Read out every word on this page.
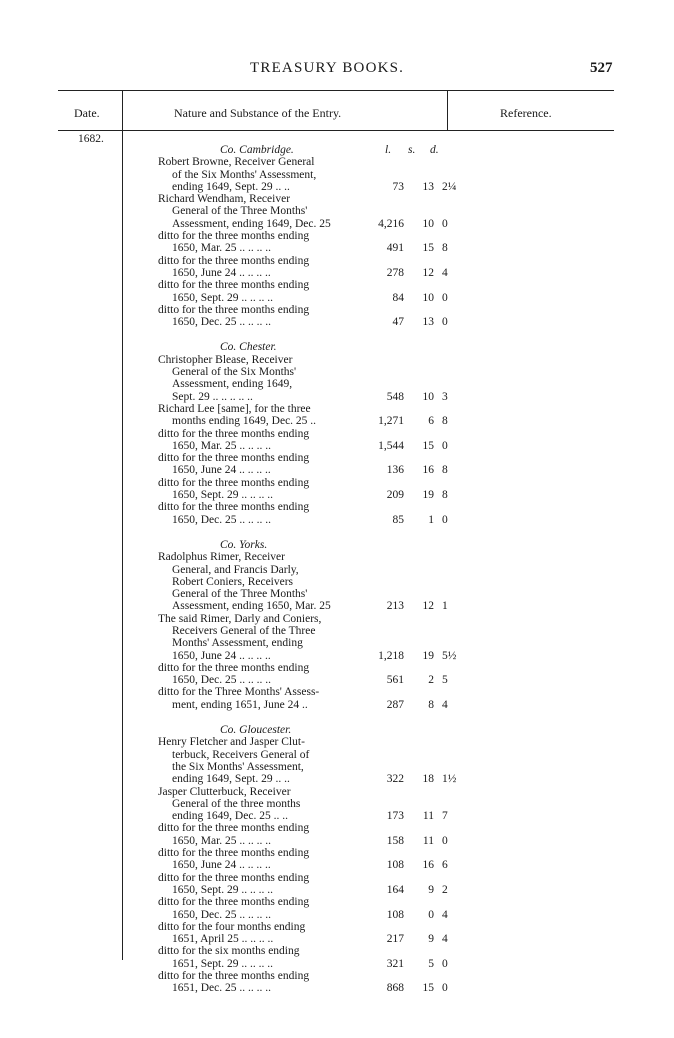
TREASURY BOOKS.	527
Date.	Nature and Substance of the Entry.	Reference.
1682.
Co. Cambridge.	l. s. d.
Robert Browne, Receiver General
of the Six Months' Assessment,
ending 1649, Sept. 29 .. ..	73 13 2¼
Richard Wendham, Receiver
General of the Three Months'
Assessment, ending 1649, Dec. 25	4,216 10 0
ditto for the three months ending
1650, Mar. 25 .. .. .. ..	491 15 8
ditto for the three months ending
1650, June 24 .. .. .. ..	278 12 4
ditto for the three months ending
1650, Sept. 29 .. .. .. ..	84 10 0
ditto for the three months ending
1650, Dec. 25 .. .. .. ..	47 13 0
Co. Chester.
Christopher Blease, Receiver
General of the Six Months'
Assessment, ending 1649,
Sept. 29 .. .. .. .. ..	548 10 3
Richard Lee [same], for the three
months ending 1649, Dec. 25 ..	1,271 6 8
ditto for the three months ending
1650, Mar. 25 .. .. .. ..	1,544 15 0
ditto for the three months ending
1650, June 24 .. .. .. ..	136 16 8
ditto for the three months ending
1650, Sept. 29 .. .. .. ..	209 19 8
ditto for the three months ending
1650, Dec. 25 .. .. .. ..	85 1 0
Co. Yorks.
Radolphus Rimer, Receiver
General, and Francis Darly,
Robert Coniers, Receivers
General of the Three Months'
Assessment, ending 1650, Mar. 25	213 12 1
The said Rimer, Darly and Coniers,
Receivers General of the Three
Months' Assessment, ending
1650, June 24 .. .. .. ..	1,218 19 5½
ditto for the three months ending
1650, Dec. 25 .. .. .. ..	561 2 5
ditto for the Three Months' Assess-
ment, ending 1651, June 24 ..	287 8 4
Co. Gloucester.
Henry Fletcher and Jasper Clut-
terbuck, Receivers General of
the Six Months' Assessment,
ending 1649, Sept. 29 .. ..	322 18 1½
Jasper Clutterbuck, Receiver
General of the three months
ending 1649, Dec. 25 .. ..	173 11 7
ditto for the three months ending
1650, Mar. 25 .. .. .. ..	158 11 0
ditto for the three months ending
1650, June 24 .. .. .. ..	108 16 6
ditto for the three months ending
1650, Sept. 29 .. .. .. ..	164 9 2
ditto for the three months ending
1650, Dec. 25 .. .. .. ..	108 0 4
ditto for the four months ending
1651, April 25 .. .. .. ..	217 9 4
ditto for the six months ending
1651, Sept. 29 .. .. .. ..	321 5 0
ditto for the three months ending
1651, Dec. 25 .. .. .. ..	868 15 0
